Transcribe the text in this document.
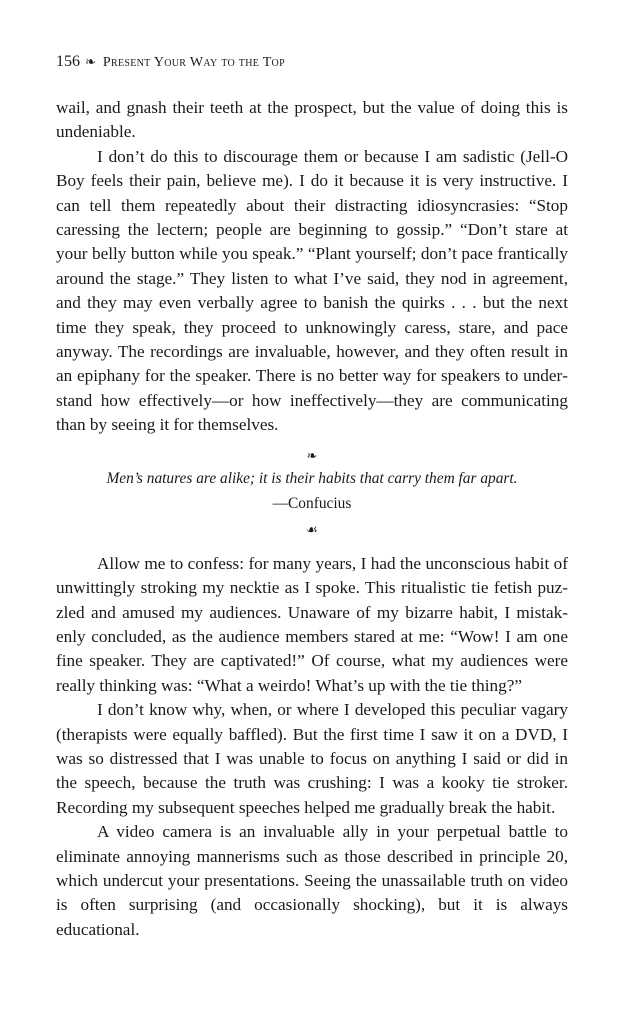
156 ❧ Present Your Way to the Top

wail, and gnash their teeth at the prospect, but the value of doing this is undeniable.

I don’t do this to discourage them or because I am sadistic (Jell-O Boy feels their pain, believe me). I do it because it is very instructive. I can tell them repeatedly about their distracting idiosyncrasies: “Stop caressing the lectern; people are beginning to gossip.” “Don’t stare at your belly button while you speak.” “Plant yourself; don’t pace frantically around the stage.” They listen to what I’ve said, they nod in agreement, and they may even verbally agree to banish the quirks . . . but the next time they speak, they proceed to unknowingly caress, stare, and pace anyway. The recordings are invaluable, however, and they often result in an epiphany for the speaker. There is no better way for speakers to understand how effectively—or how ineffectively—they are communicating than by seeing it for themselves.

❧

Men’s natures are alike; it is their habits that carry them far apart.

—Confucius

☙

Allow me to confess: for many years, I had the unconscious habit of unwittingly stroking my necktie as I spoke. This ritualistic tie fetish puzzled and amused my audiences. Unaware of my bizarre habit, I mistakenly concluded, as the audience members stared at me: “Wow! I am one fine speaker. They are captivated!” Of course, what my audiences were really thinking was: “What a weirdo! What’s up with the tie thing?”

I don’t know why, when, or where I developed this peculiar vagary (therapists were equally baffled). But the first time I saw it on a DVD, I was so distressed that I was unable to focus on anything I said or did in the speech, because the truth was crushing: I was a kooky tie stroker. Recording my subsequent speeches helped me gradually break the habit.

A video camera is an invaluable ally in your perpetual battle to eliminate annoying mannerisms such as those described in principle 20, which undercut your presentations. Seeing the unassailable truth on video is often surprising (and occasionally shocking), but it is always educational.
